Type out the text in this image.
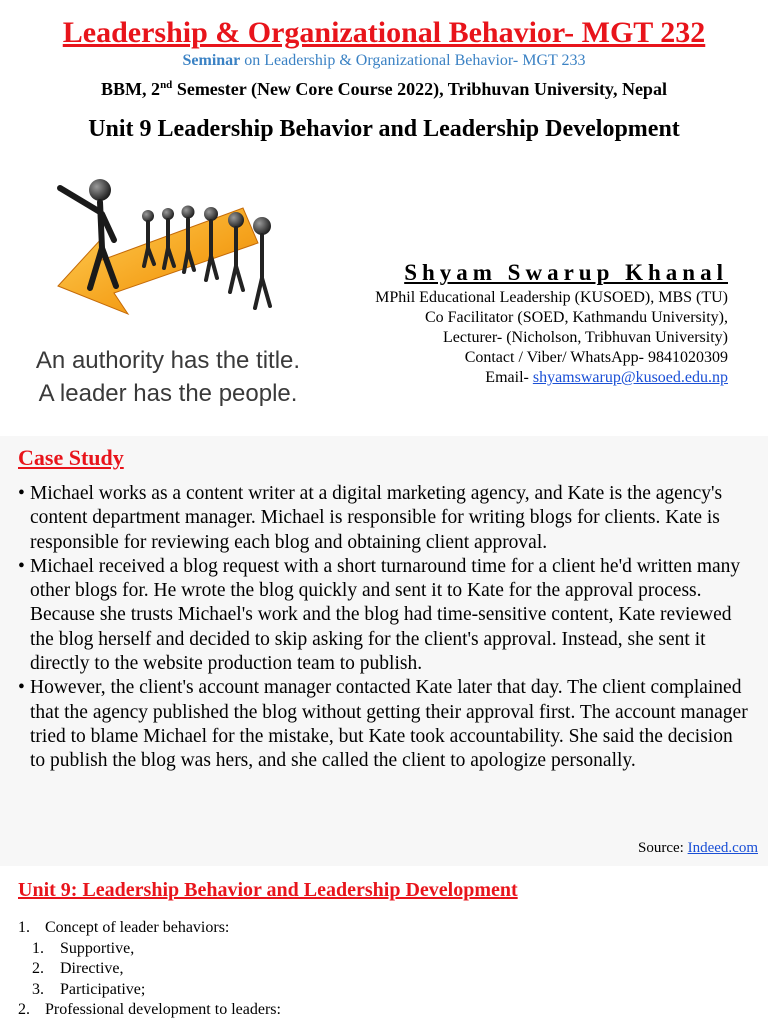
Leadership & Organizational Behavior- MGT 232
Seminar on Leadership & Organizational Behavior- MGT 233
BBM, 2nd Semester (New Core Course 2022), Tribhuvan University, Nepal
Unit 9 Leadership Behavior and Leadership Development
An authority has the title.
A leader has the people.
Shyam Swarup Khanal
MPhil Educational Leadership (KUSOED), MBS (TU)
Co Facilitator (SOED, Kathmandu University),
Lecturer- (Nicholson, Tribhuvan University)
Contact / Viber/ WhatsApp- 9841020309
Email- shyamswarup@kusoed.edu.np
Case Study
• Michael works as a content writer at a digital marketing agency, and Kate is the agency's content department manager. Michael is responsible for writing blogs for clients. Kate is responsible for reviewing each blog and obtaining client approval.
• Michael received a blog request with a short turnaround time for a client he'd written many other blogs for. He wrote the blog quickly and sent it to Kate for the approval process. Because she trusts Michael's work and the blog had time-sensitive content, Kate reviewed the blog herself and decided to skip asking for the client's approval. Instead, she sent it directly to the website production team to publish.
• However, the client's account manager contacted Kate later that day. The client complained that the agency published the blog without getting their approval first. The account manager tried to blame Michael for the mistake, but Kate took accountability. She said the decision to publish the blog was hers, and she called the client to apologize personally.
Source: Indeed.com
Unit 9: Leadership Behavior and Leadership Development
1. Concept of leader behaviors:
1. Supportive,
2. Directive,
3. Participative;
2. Professional development to leaders:
